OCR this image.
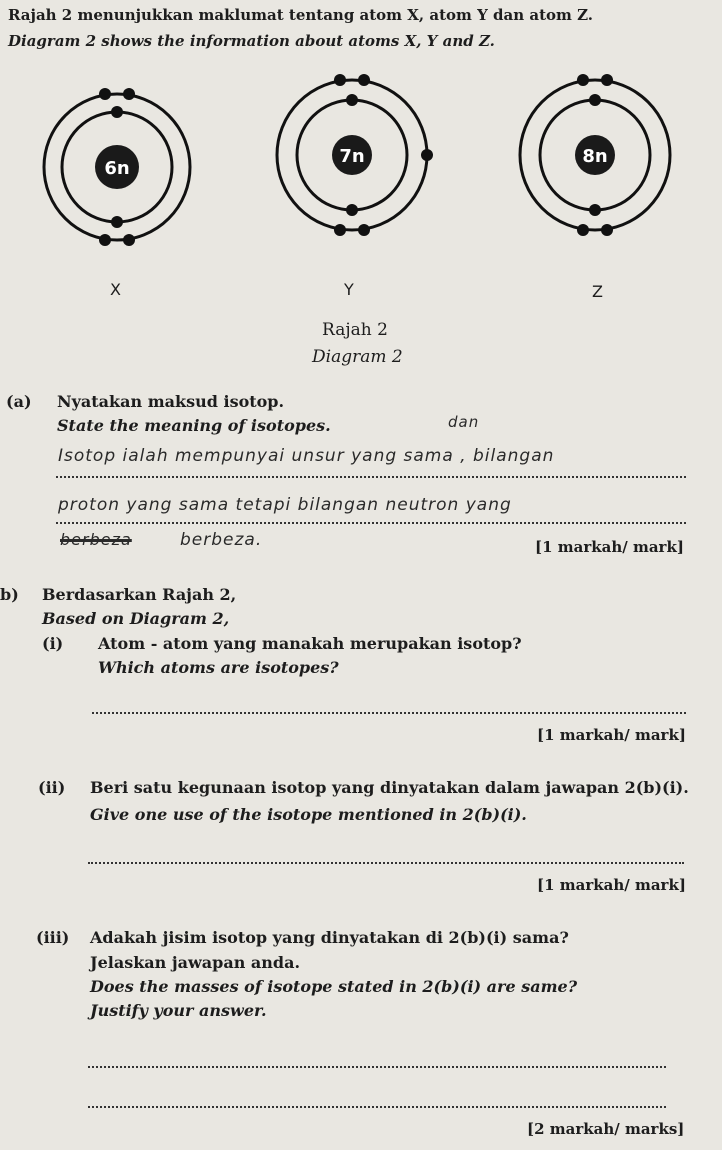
Rajah 2 menunjukkan maklumat tentang atom X, atom Y dan atom Z.
Diagram 2 shows the information about atoms X, Y and Z.
6n
7n	8n
X	Y	Z
Rajah 2
Diagram 2
(a) Nyatakan maksud isotop.
State the meaning of isotopes.	dan
Isotop ialah mempunyai unsur yang sama , bilangan
proton yang sama tetapi bilangan neutron yang
berbeza	berbeza.	[1 markah/ mark]
b) Berdasarkan Rajah 2,
Based on Diagram 2,
(i) Atom - atom yang manakah merupakan isotop?
Which atoms are isotopes?
[1 markah/ mark]
(ii) Beri satu kegunaan isotop yang dinyatakan dalam jawapan 2(b)(i).
Give one use of the isotope mentioned in 2(b)(i).
[1 markah/ mark]
(iii) Adakah jisim isotop yang dinyatakan di 2(b)(i) sama?
Jelaskan jawapan anda.
Does the masses of isotope stated in 2(b)(i) are same?
Justify your answer.
[2 markah/ marks]
